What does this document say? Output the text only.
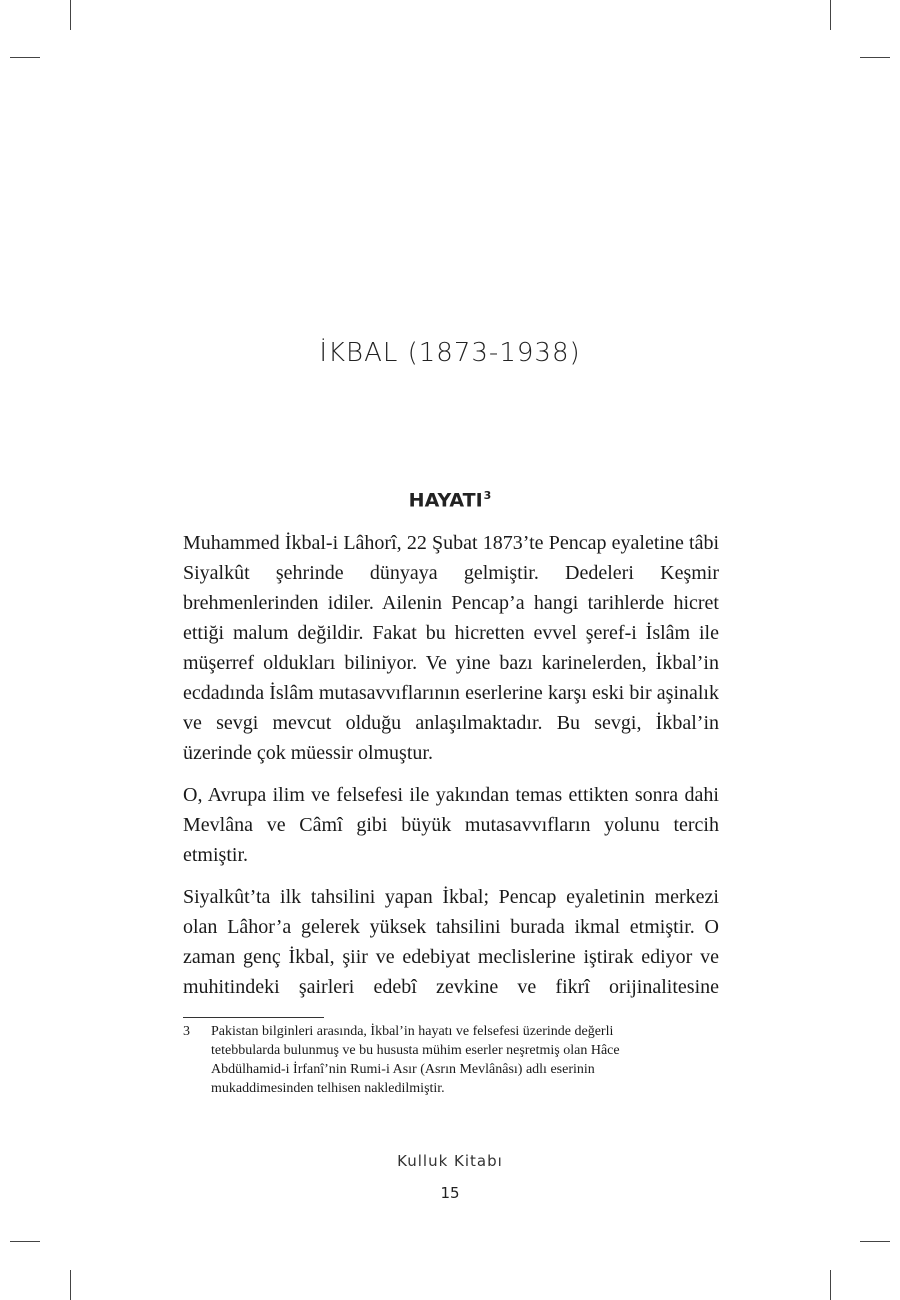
İKBAL (1873-1938)
HAYATI$^3$

Muhammed İkbal-i Lâhorî, 22 Şubat 1873’te Pencap eyaletine tâbi Siyalkût şehrinde dünyaya gelmiştir. Dedeleri Keşmir brehmenlerinden idiler. Ailenin Pencap’a hangi tarihlerde hicret ettiği malum değildir. Fakat bu hicretten evvel şeref-i İslâm ile müşerref oldukları biliniyor. Ve yine bazı karinelerden, İkbal’in ecdadında İslâm mutasavvıflarının eserlerine karşı eski bir aşinalık ve sevgi mevcut olduğu anlaşılmaktadır. Bu sevgi, İkbal’in üzerinde çok müessir olmuştur.

O, Avrupa ilim ve felsefesi ile yakından temas ettikten sonra dahi Mevlâna ve Câmî gibi büyük mutasavvıfların yolunu tercih etmiştir.

Siyalkût’ta ilk tahsilini yapan İkbal; Pencap eyaletinin merkezi olan Lâhor’a gelerek yüksek tahsilini burada ikmal etmiştir. O zaman genç İkbal, şiir ve edebiyat meclislerine iştirak ediyor ve muhitindeki şairleri edebî zevkine ve fikrî orijinalitesine

3 Pakistan bilginleri arasında, İkbal’in hayatı ve felsefesi üzerinde değerli tetebbularda bulunmuş ve bu hususta mühim eserler neşretmiş olan Hâce Abdülhamid-i İrfanî’nin Rumi-i Asır (Asrın Mevlânâsı) adlı eserinin mukaddimesinden telhisen nakledilmiştir.
Kulluk Kitabı
15
